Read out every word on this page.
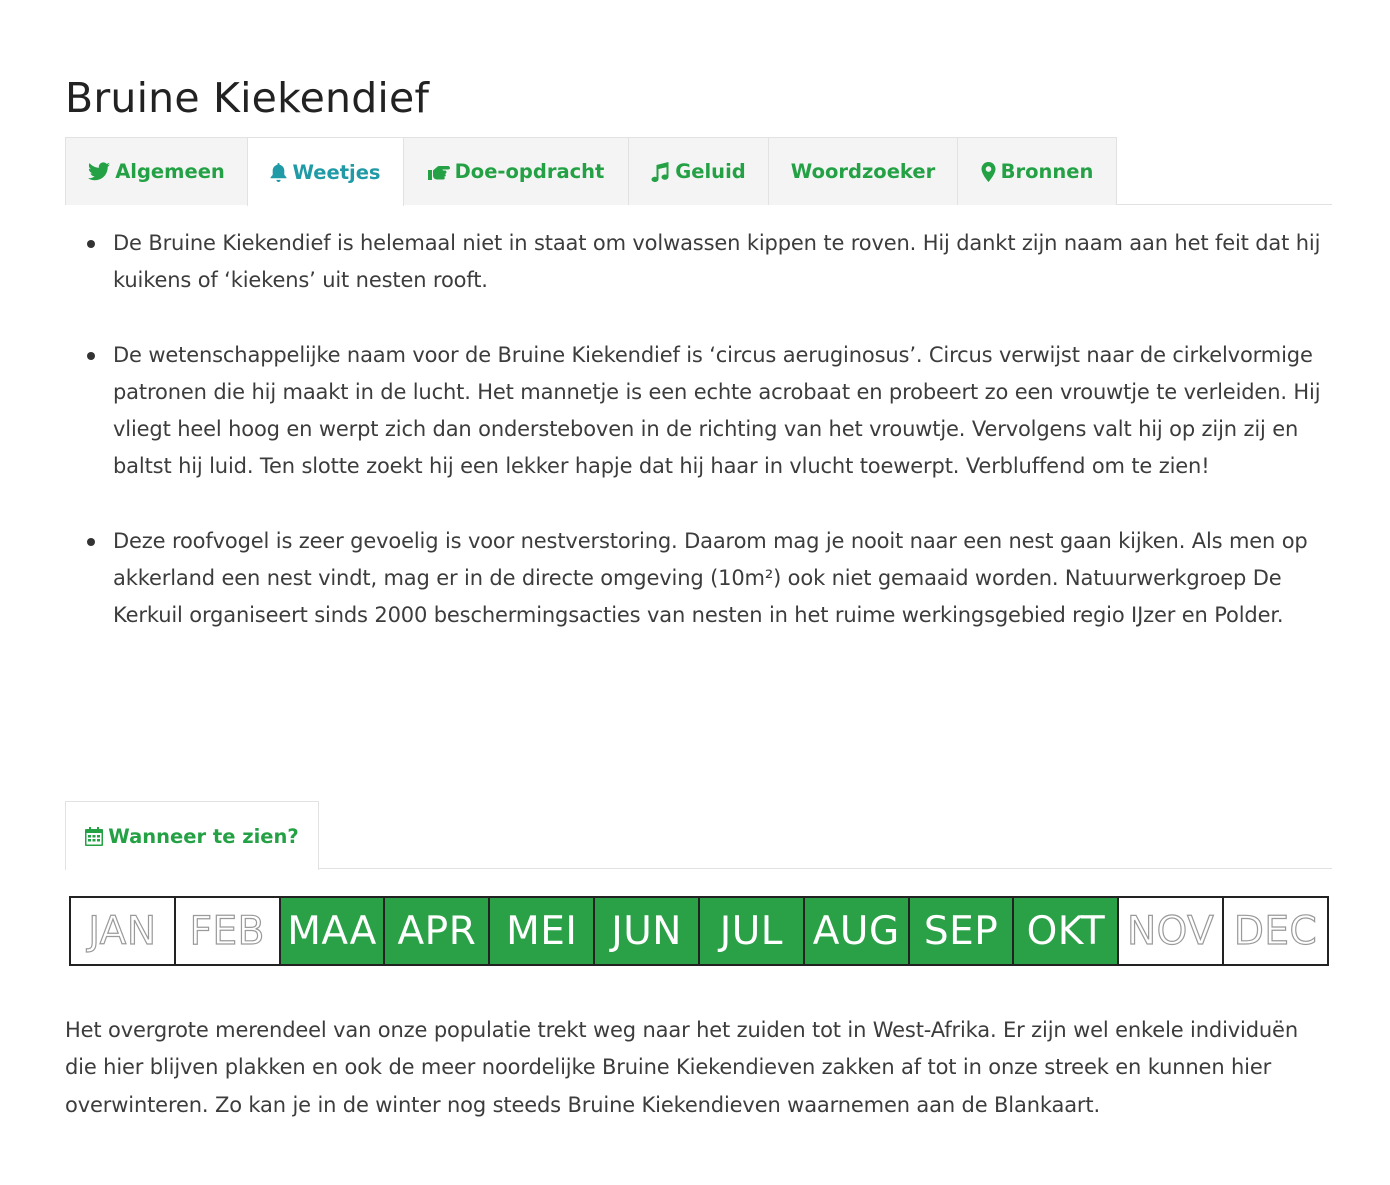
Bruine Kiekendief
Algemeen	Weetjes	Doe-opdracht	Geluid Woordzoeker	Bronnen
De Bruine Kiekendief is helemaal niet in staat om volwassen kippen te roven. Hij dankt zijn naam aan het feit dat hij kuikens of ‘kiekens’ uit nesten rooft.
De wetenschappelijke naam voor de Bruine Kiekendief is ‘circus aeruginosus’. Circus verwijst naar de cirkelvormige patronen die hij maakt in de lucht. Het mannetje is een echte acrobaat en probeert zo een vrouwtje te verleiden. Hij vliegt heel hoog en werpt zich dan ondersteboven in de richting van het vrouwtje. Vervolgens valt hij op zijn zij en baltst hij luid. Ten slotte zoekt hij een lekker hapje dat hij haar in vlucht toewerpt. Verbluffend om te zien!
Deze roofvogel is zeer gevoelig is voor nestverstoring. Daarom mag je nooit naar een nest gaan kijken. Als men op akkerland een nest vindt, mag er in de directe omgeving (10m²) ook niet gemaaid worden. Natuurwerkgroep De Kerkuil organiseert sinds 2000 beschermingsacties van nesten in het ruime werkingsgebied regio IJzer en Polder.
Wanneer te zien?
JAN FEB MAA APR MEI JUN JUL AUG SEP OKT NOV DEC

Het overgrote merendeel van onze populatie trekt weg naar het zuiden tot in West-Afrika. Er zijn wel enkele individuën die hier blijven plakken en ook de meer noordelijke Bruine Kiekendieven zakken af tot in onze streek en kunnen hier overwinteren. Zo kan je in de winter nog steeds Bruine Kiekendieven waarnemen aan de Blankaart.
